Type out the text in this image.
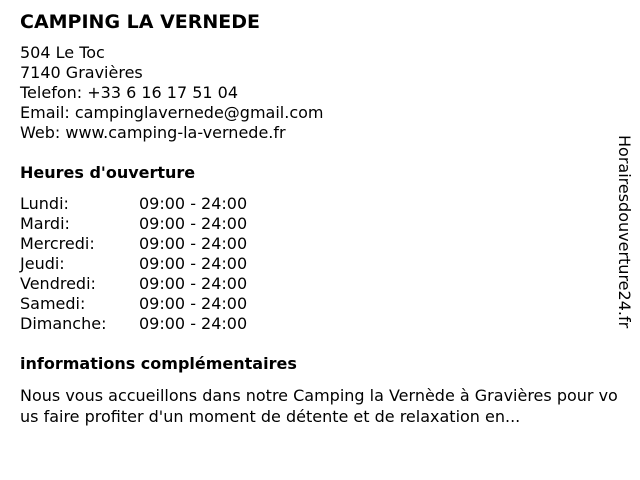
CAMPING LA VERNEDE
504 Le Toc
7140 Gravières
Telefon: +33 6 16 17 51 04
Email: campinglavernede@gmail.com
Web: www.camping-la-vernede.fr
Heures d'ouverture
Lundi:	09:00 - 24:00
Mardi:	09:00 - 24:00
Mercredi:	09:00 - 24:00
Jeudi:	09:00 - 24:00
Vendredi:	09:00 - 24:00
Samedi:	09:00 - 24:00
Dimanche:	09:00 - 24:00
informations complémentaires
Nous vous accueillons dans notre Camping la Vernède à Gravières pour vous faire profiter d'un moment de détente et de relaxation en...
Horairesdouverture24.fr
